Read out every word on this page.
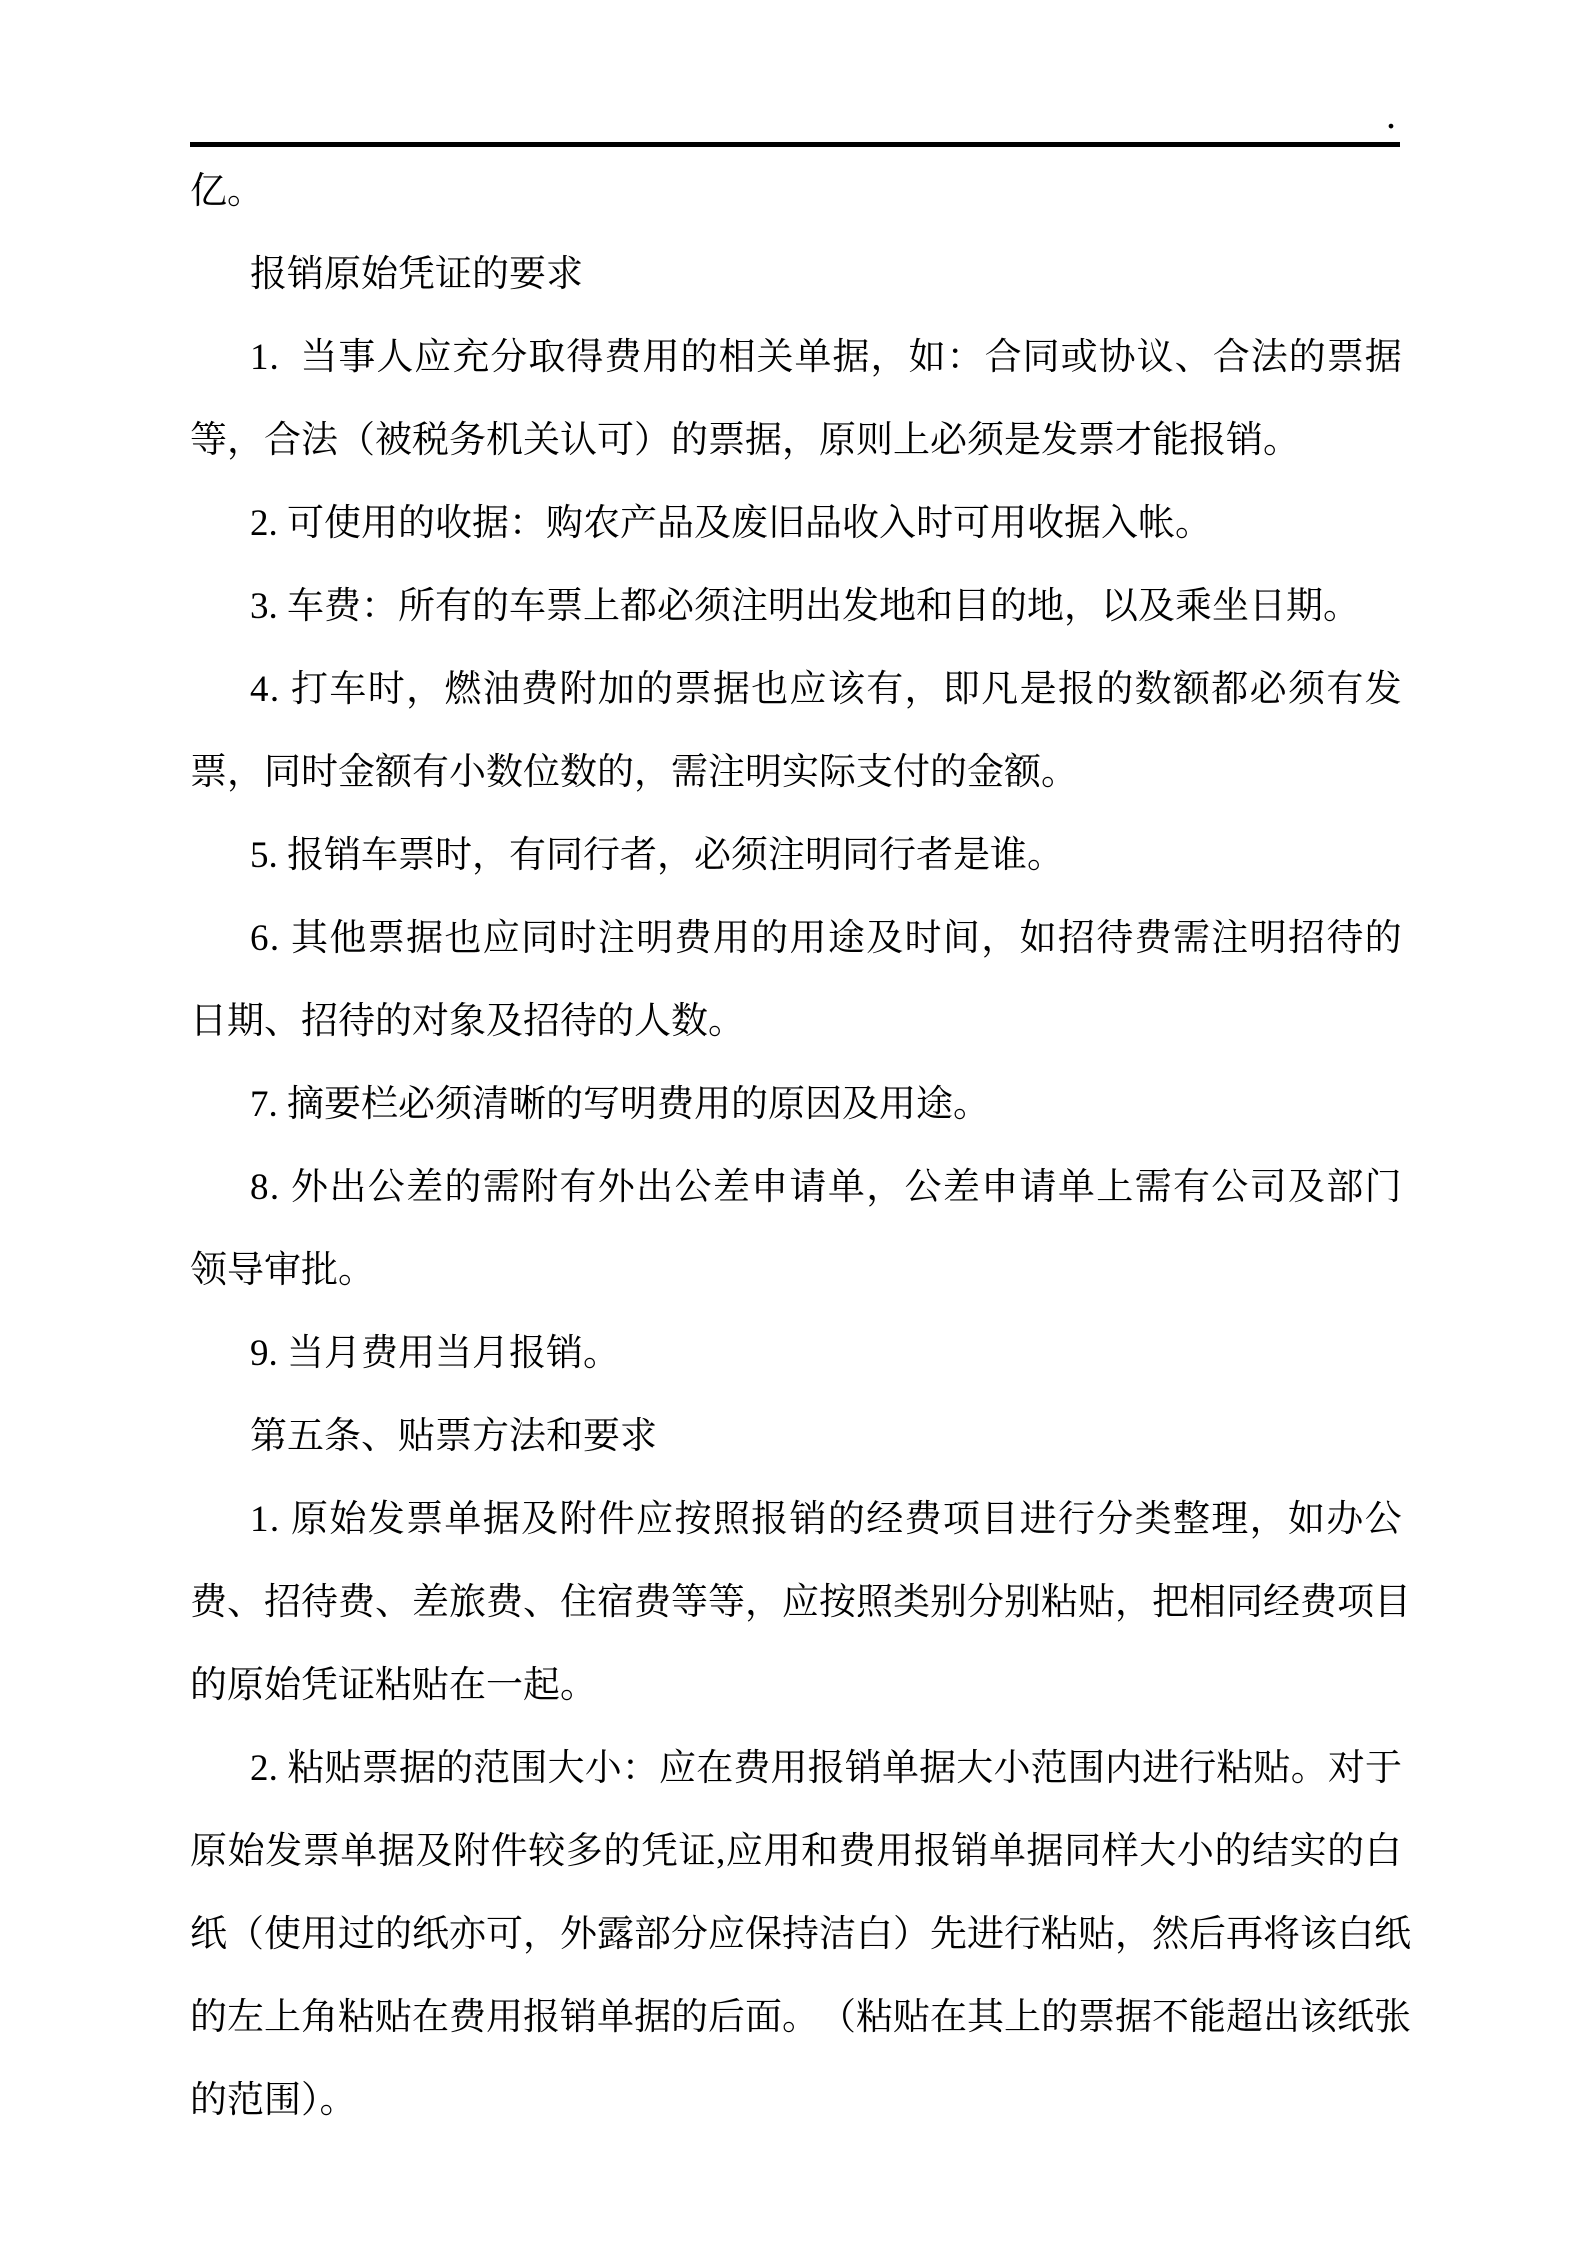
.
亿。
报销原始凭证的要求
1 .

当 事 人 应 充 分 取 得 费 用 的 相 关 单 据 ， 如 ： 合 同 或 协 议 、 合 法 的 票 据
等，合法（被税务机关认可）的票据，原则上必须是发票才能报销。
2. 可使用的收据：购农产品及废旧品收入时可用收据入帐。
3. 车费：所有的车票上都必须注明出发地和目的地，以及乘坐日期。
4 .
打 车 时 ， 燃 油 费 附 加 的 票 据 也 应 该 有 ， 即 凡 是 报 的 数 额 都 必 须 有 发
票，同时金额有小数位数的，需注明实际支付的金额。
5. 报销车票时，有同行者，必须注明同行者是谁。
6 .
其 他 票 据 也 应 同 时 注 明 费 用 的 用 途 及 时 间 ， 如 招 待 费 需 注 明 招 待 的
日期、招待的对象及招待的人数。
7. 摘要栏必须清晰的写明费用的原因及用途。
8 .
外 出 公 差 的 需 附 有 外 出 公 差 申 请 单 ， 公 差 申 请 单 上 需 有 公 司 及 部 门
领导审批。
9. 当月费用当月报销。
第五条、贴票方法和要求
1 .
原 始 发 票 单 据 及 附 件 应 按 照 报 销 的 经 费 项 目 进 行 分 类 整 理 ， 如 办 公
费 、 招 待 费 、 差 旅 费 、 住 宿 费 等 等 ， 应 按 照 类 别 分 别 粘 贴 ， 把 相 同 经 费 项 目
的原始凭证粘贴在一起。
2 .
粘 贴 票 据 的 范 围 大 小 ： 应 在 费 用 报 销 单 据 大 小 范 围 内 进 行 粘 贴 。 对 于
原 始 发 票 单 据 及 附 件 较 多 的 凭 证 , 应 用 和 费 用 报 销 单 据 同 样 大 小 的 结 实 的 白
纸 （ 使 用 过 的 纸 亦 可 ， 外 露 部 分 应 保 持 洁 白 ） 先 进 行 粘 贴 ， 然 后 再 将 该 白 纸
的 左 上 角 粘 贴 在 费 用 报 销 单 据 的 后 面 。 （ 粘 贴 在 其 上 的 票 据 不 能 超 出 该 纸 张
的范围）。
